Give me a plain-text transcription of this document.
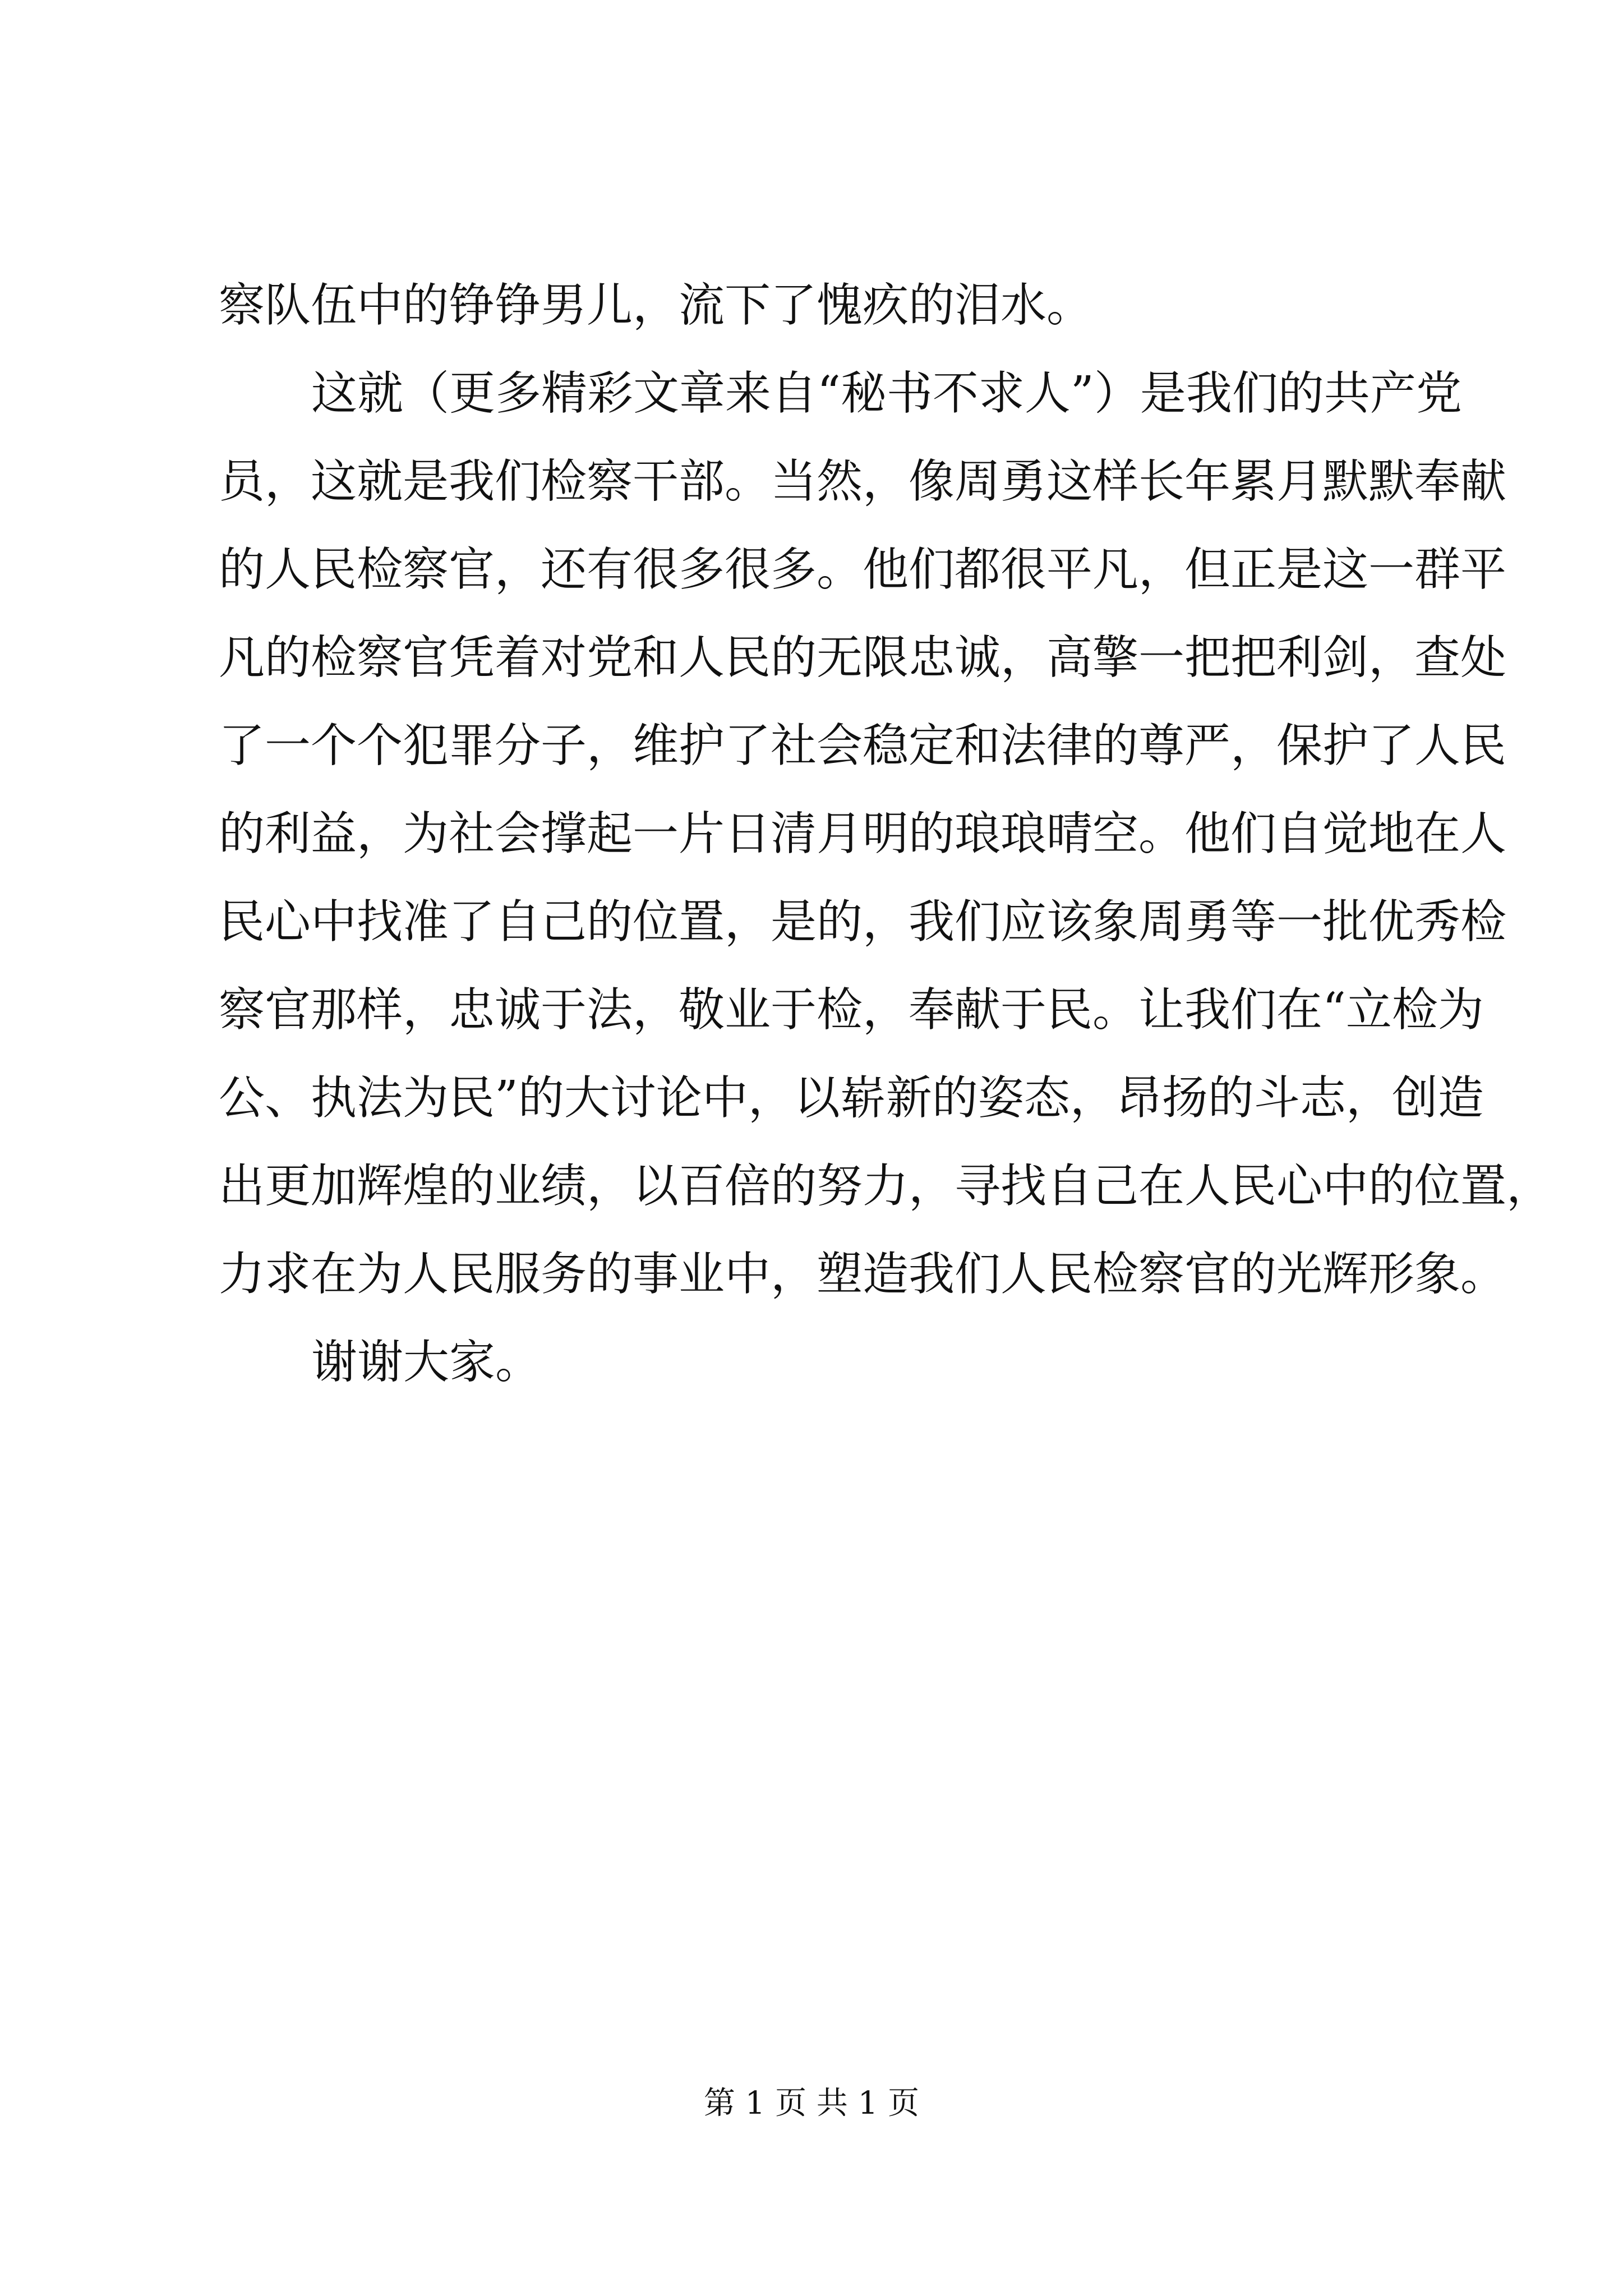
察队伍中的铮铮男儿，流下了愧疚的泪水。
这就（更多精彩文章来自“秘书不求人”）是我们的共产党
员，这就是我们检察干部。当然，像周勇这样长年累月默默奉献
的人民检察官，还有很多很多。他们都很平凡，但正是这一群平
凡的检察官凭着对党和人民的无限忠诚，高擎一把把利剑，查处
了一个个犯罪分子，维护了社会稳定和法律的尊严，保护了人民
的利益，为社会撑起一片日清月明的琅琅晴空。他们自觉地在人
民心中找准了自己的位置，是的，我们应该象周勇等一批优秀检
察官那样，忠诚于法，敬业于检，奉献于民。让我们在“立检为
公、执法为民”的大讨论中，以崭新的姿态，昂扬的斗志，创造
出更加辉煌的业绩，以百倍的努力，寻找自己在人民心中的位置，
力求在为人民服务的事业中，塑造我们人民检察官的光辉形象。
谢谢大家。
第 1 页 共 1 页
